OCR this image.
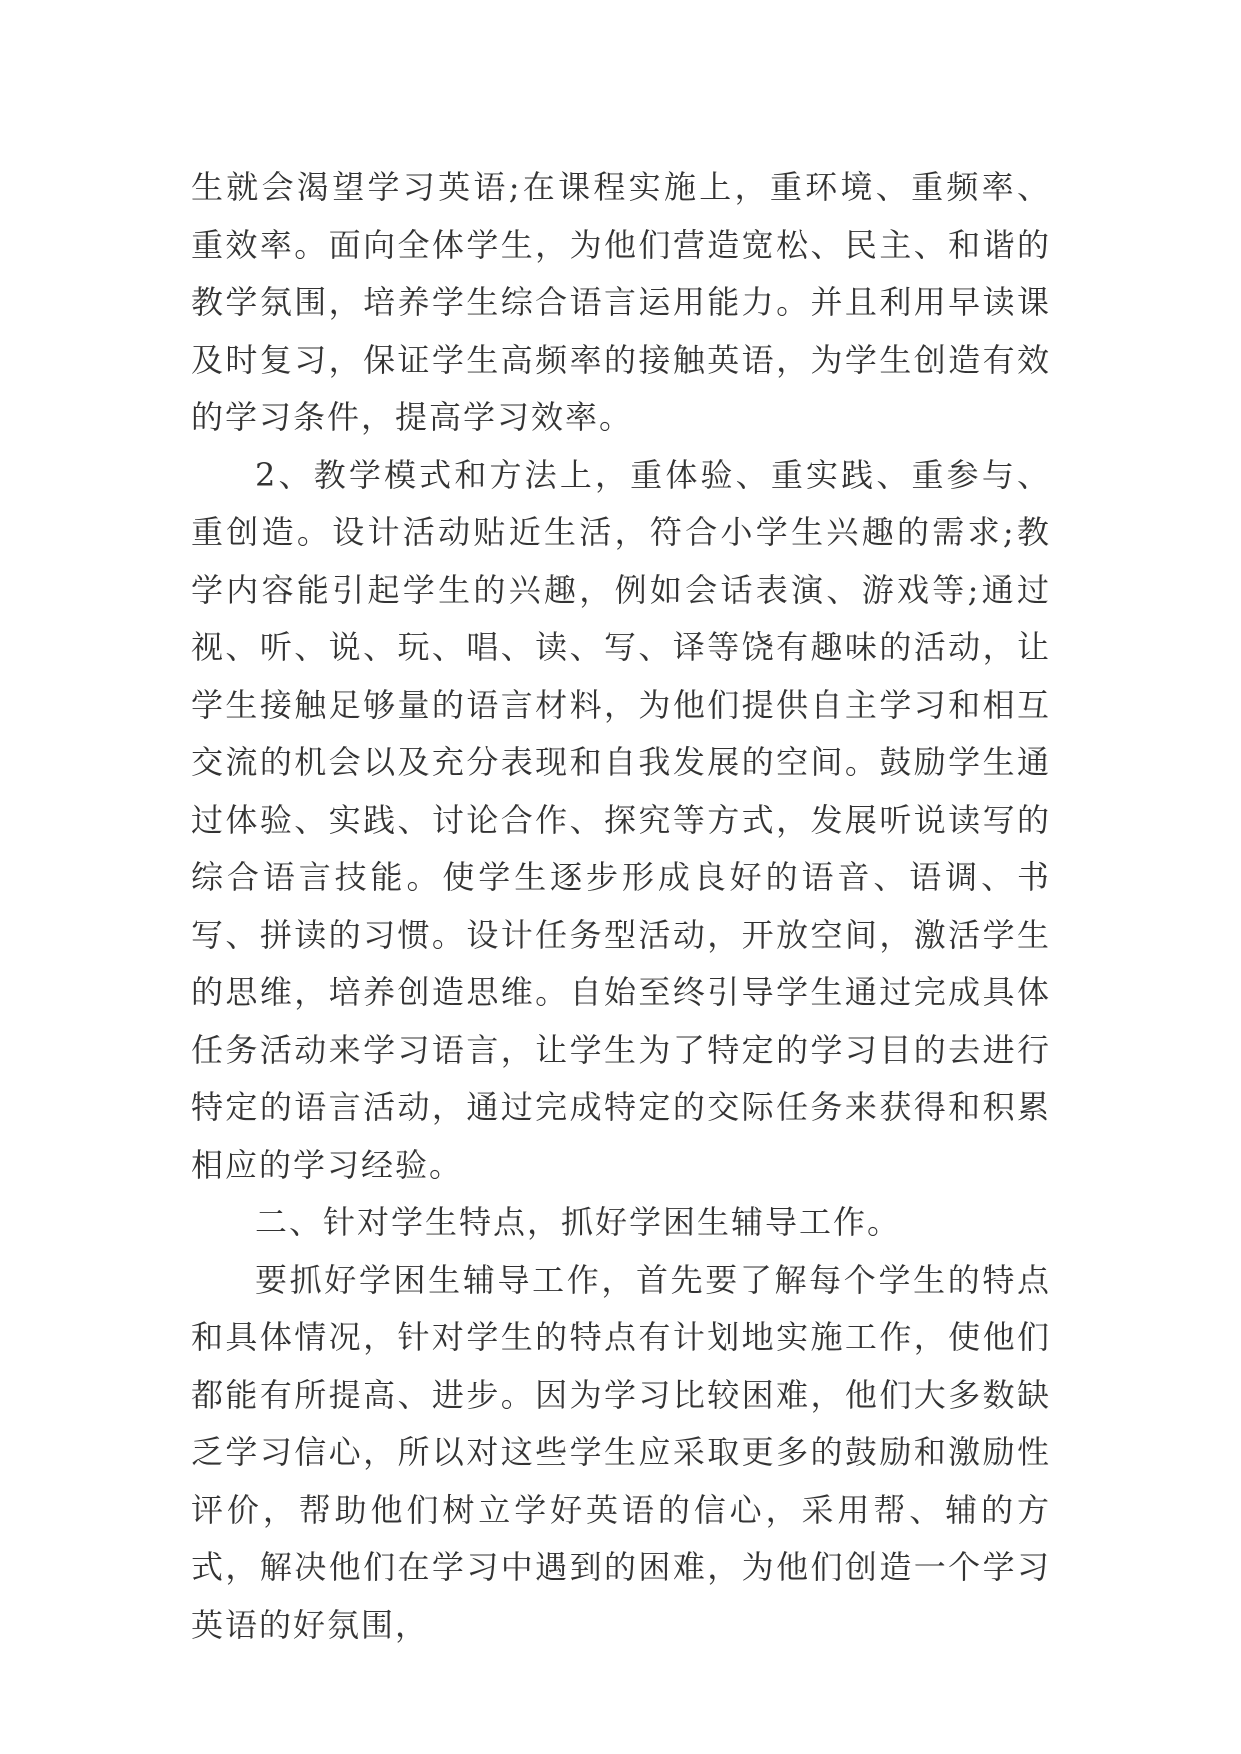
生就会渴望学习英语;在课程实施上，重环境、重频率、重效率。面向全体学生，为他们营造宽松、民主、和谐的教学氛围，培养学生综合语言运用能力。并且利用早读课及时复习，保证学生高频率的接触英语，为学生创造有效的学习条件，提高学习效率。

2、教学模式和方法上，重体验、重实践、重参与、重创造。设计活动贴近生活，符合小学生兴趣的需求;教学内容能引起学生的兴趣，例如会话表演、游戏等;通过视、听、说、玩、唱、读、写、译等饶有趣味的活动，让学生接触足够量的语言材料，为他们提供自主学习和相互交流的机会以及充分表现和自我发展的空间。鼓励学生通过体验、实践、讨论合作、探究等方式，发展听说读写的综合语言技能。使学生逐步形成良好的语音、语调、书写、拼读的习惯。设计任务型活动，开放空间，激活学生的思维，培养创造思维。自始至终引导学生通过完成具体任务活动来学习语言，让学生为了特定的学习目的去进行特定的语言活动，通过完成特定的交际任务来获得和积累相应的学习经验。

二、针对学生特点，抓好学困生辅导工作。

要抓好学困生辅导工作，首先要了解每个学生的特点和具体情况，针对学生的特点有计划地实施工作，使他们都能有所提高、进步。因为学习比较困难，他们大多数缺乏学习信心，所以对这些学生应采取更多的鼓励和激励性评价，帮助他们树立学好英语的信心，采用帮、辅的方式，解决他们在学习中遇到的困难，为他们创造一个学习英语的好氛围，
